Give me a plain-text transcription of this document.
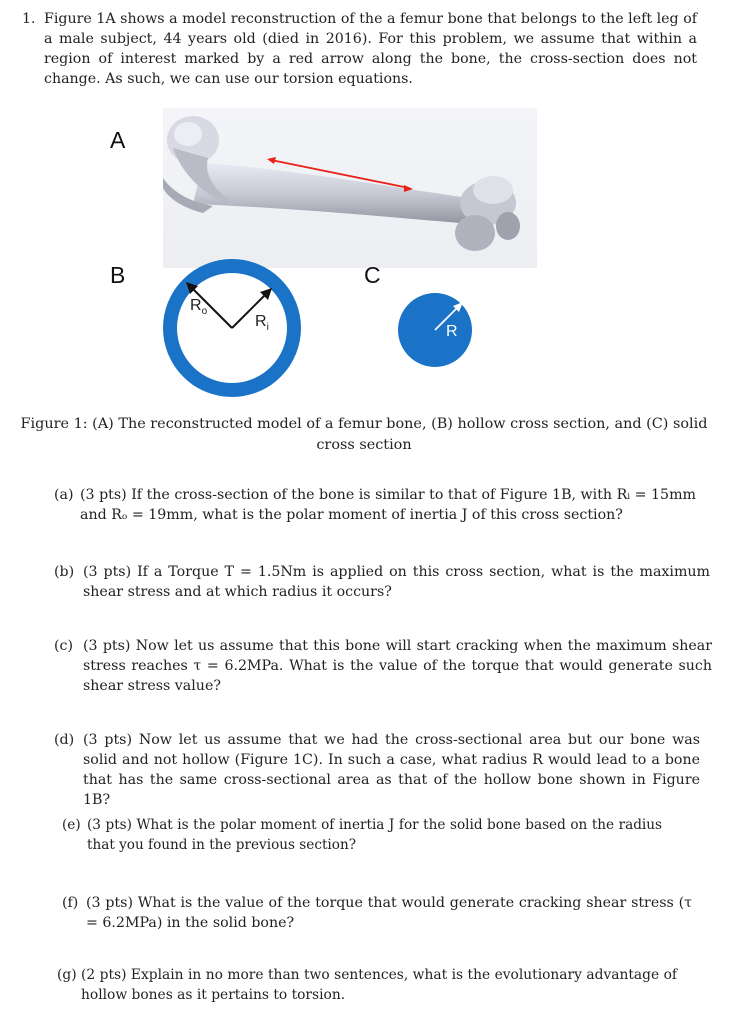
1. Figure 1A shows a model reconstruction of the a femur bone that belongs to the left leg of a male subject, 44 years old (died in 2016). For this problem, we assume that within a region of interest marked by a red arrow along the bone, the cross-section does not change. As such, we can use our torsion equations.
A
B
$R_o$
$R_i$
C
R
Figure 1: (A) The reconstructed model of a femur bone, (B) hollow cross section, and (C) solid
cross section
(a) (3 pts) If the cross-section of the bone is similar to that of Figure 1B, with Rᵢ = 15mm and Rₒ = 19mm, what is the polar moment of inertia J of this cross section?
(b) (3 pts) If a Torque T = 1.5Nm is applied on this cross section, what is the maximum shear stress and at which radius it occurs?
(c) (3 pts) Now let us assume that this bone will start cracking when the maximum shear stress reaches τ = 6.2MPa. What is the value of the torque that would generate such shear stress value?
(d) (3 pts) Now let us assume that we had the cross-sectional area but our bone was solid and not hollow (Figure 1C). In such a case, what radius R would lead to a bone that has the same cross-sectional area as that of the hollow bone shown in Figure 1B?
(e) (3 pts) What is the polar moment of inertia J for the solid bone based on the radius that you found in the previous section?
(f) (3 pts) What is the value of the torque that would generate cracking shear stress (τ = 6.2MPa) in the solid bone?
(g) (2 pts) Explain in no more than two sentences, what is the evolutionary advantage of hollow bones as it pertains to torsion.
